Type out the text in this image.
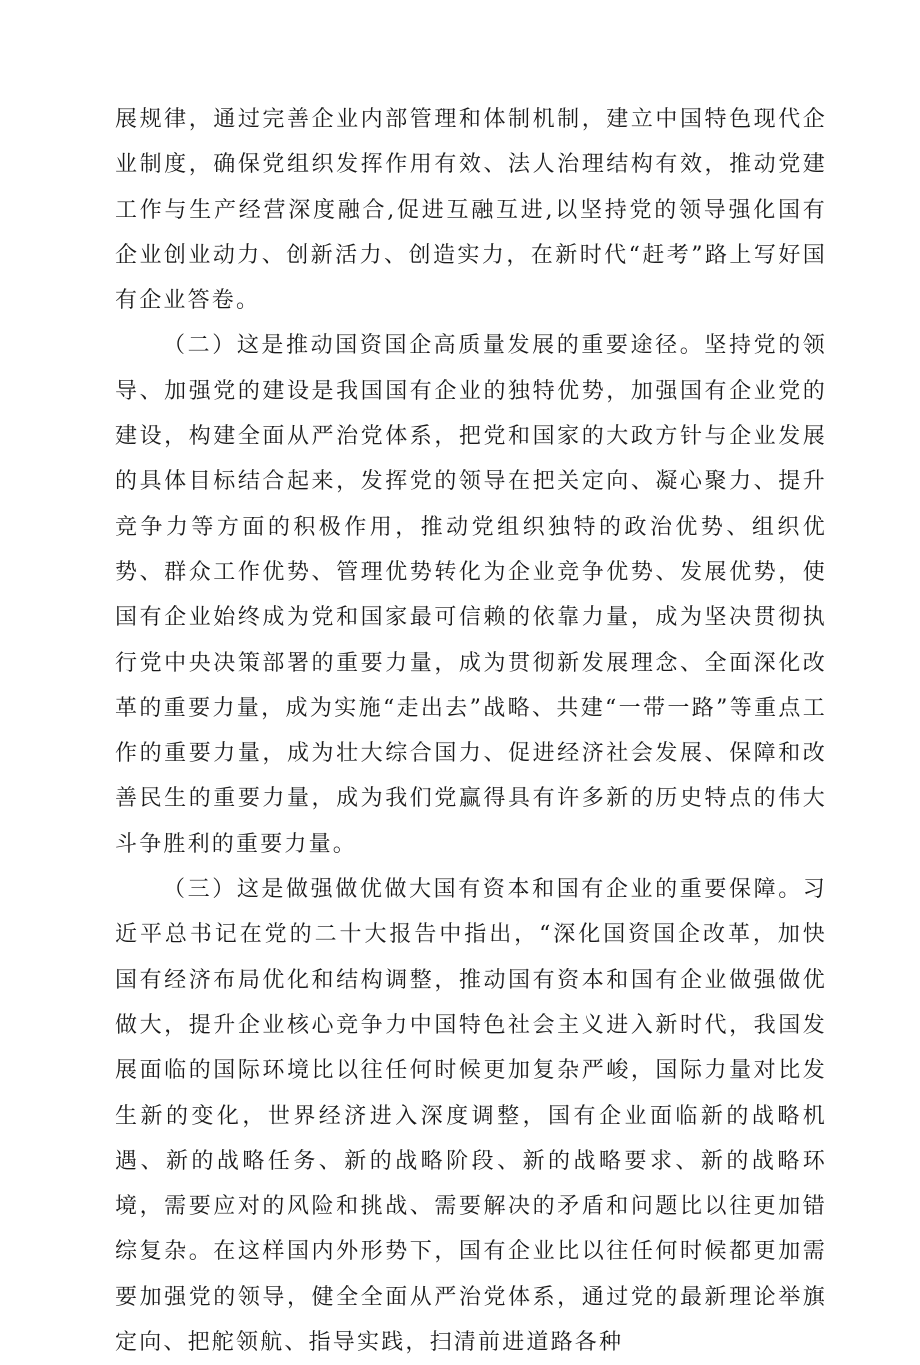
展规律，通过完善企业内部管理和体制机制，建立中国特色现代企业制度，确保党组织发挥作用有效、法人治理结构有效，推动党建工作与生产经营深度融合,促进互融互进,以坚持党的领导强化国有企业创业动力、创新活力、创造实力，在新时代“赶考”路上写好国有企业答卷。

（二）这是推动国资国企高质量发展的重要途径。坚持党的领导、加强党的建设是我国国有企业的独特优势，加强国有企业党的建设，构建全面从严治党体系，把党和国家的大政方针与企业发展的具体目标结合起来，发挥党的领导在把关定向、凝心聚力、提升竞争力等方面的积极作用，推动党组织独特的政治优势、组织优势、群众工作优势、管理优势转化为企业竞争优势、发展优势，使国有企业始终成为党和国家最可信赖的依靠力量，成为坚决贯彻执行党中央决策部署的重要力量，成为贯彻新发展理念、全面深化改革的重要力量，成为实施“走出去”战略、共建“一带一路”等重点工作的重要力量，成为壮大综合国力、促进经济社会发展、保障和改善民生的重要力量，成为我们党赢得具有许多新的历史特点的伟大斗争胜利的重要力量。

（三）这是做强做优做大国有资本和国有企业的重要保障。习近平总书记在党的二十大报告中指出，“深化国资国企改革，加快国有经济布局优化和结构调整，推动国有资本和国有企业做强做优做大，提升企业核心竞争力中国特色社会主义进入新时代，我国发展面临的国际环境比以往任何时候更加复杂严峻，国际力量对比发生新的变化，世界经济进入深度调整，国有企业面临新的战略机遇、新的战略任务、新的战略阶段、新的战略要求、新的战略环境，需要应对的风险和挑战、需要解决的矛盾和问题比以往更加错综复杂。在这样国内外形势下，国有企业比以往任何时候都更加需要加强党的领导，健全全面从严治党体系，通过党的最新理论举旗定向、把舵领航、指导实践，扫清前进道路各种
